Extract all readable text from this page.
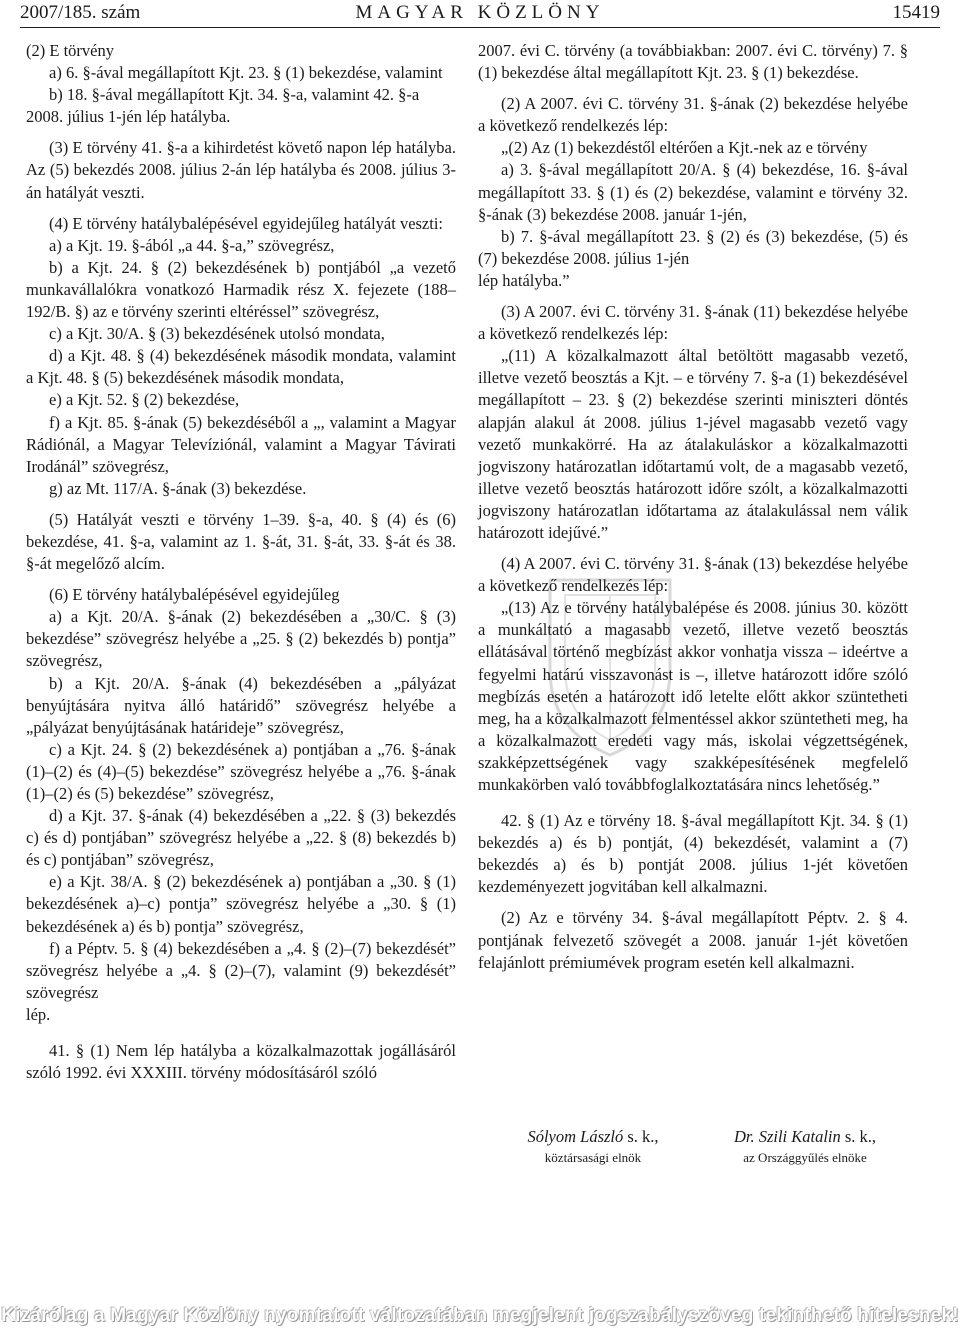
2007/185. szám	MAGYAR KÖZLÖNY	15419

(2) E törvény

a) 6. §-ával megállapított Kjt. 23. § (1) bekezdése, valamint

b) 18. §-ával megállapított Kjt. 34. §-a, valamint 42. §-a

2008. július 1-jén lép hatályba.

(3) E törvény 41. §-a a kihirdetést követő napon lép hatályba. Az (5) bekezdés 2008. július 2-án lép hatályba és 2008. július 3-án hatályát veszti.

(4) E törvény hatálybalépésével egyidejűleg hatályát veszti:

a) a Kjt. 19. §-ából „a 44. §-a,” szövegrész,

b) a Kjt. 24. § (2) bekezdésének b) pontjából „a vezető munkavállalókra vonatkozó Harmadik rész X. fejezete (188–192/B. §) az e törvény szerinti eltéréssel” szövegrész,

c) a Kjt. 30/A. § (3) bekezdésének utolsó mondata,

d) a Kjt. 48. § (4) bekezdésének második mondata, valamint a Kjt. 48. § (5) bekezdésének második mondata,

e) a Kjt. 52. § (2) bekezdése,

f) a Kjt. 85. §-ának (5) bekezdéséből a „, valamint a Magyar Rádiónál, a Magyar Televíziónál, valamint a Magyar Távirati Irodánál” szövegrész,

g) az Mt. 117/A. §-ának (3) bekezdése.

(5) Hatályát veszti e törvény 1–39. §-a, 40. § (4) és (6) bekezdése, 41. §-a, valamint az 1. §-át, 31. §-át, 33. §-át és 38. §-át megelőző alcím.

(6) E törvény hatálybalépésével egyidejűleg

a) a Kjt. 20/A. §-ának (2) bekezdésében a „30/C. § (3) bekezdése” szövegrész helyébe a „25. § (2) bekezdés b) pontja” szövegrész,

b) a Kjt. 20/A. §-ának (4) bekezdésében a „pályázat benyújtására nyitva álló határidő” szövegrész helyébe a „pályázat benyújtásának határideje” szövegrész,

c) a Kjt. 24. § (2) bekezdésének a) pontjában a „76. §-ának (1)–(2) és (4)–(5) bekezdése” szövegrész helyébe a „76. §-ának (1)–(2) és (5) bekezdése” szövegrész,

d) a Kjt. 37. §-ának (4) bekezdésében a „22. § (3) bekezdés c) és d) pontjában” szövegrész helyébe a „22. § (8) bekezdés b) és c) pontjában” szövegrész,

e) a Kjt. 38/A. § (2) bekezdésének a) pontjában a „30. § (1) bekezdésének a)–c) pontja” szövegrész helyébe a „30. § (1) bekezdésének a) és b) pontja” szövegrész,

f) a Péptv. 5. § (4) bekezdésében a „4. § (2)–(7) bekezdését” szövegrész helyébe a „4. § (2)–(7), valamint (9) bekezdését” szövegrész

lép.

41. § (1) Nem lép hatályba a közalkalmazottak jogállásáról szóló 1992. évi XXXIII. törvény módosításáról szóló

2007. évi C. törvény (a továbbiakban: 2007. évi C. törvény) 7. § (1) bekezdése által megállapított Kjt. 23. § (1) bekezdése.

(2) A 2007. évi C. törvény 31. §-ának (2) bekezdése helyébe a következő rendelkezés lép:

„(2) Az (1) bekezdéstől eltérően a Kjt.-nek az e törvény

a) 3. §-ával megállapított 20/A. § (4) bekezdése, 16. §-ával megállapított 33. § (1) és (2) bekezdése, valamint e törvény 32. §-ának (3) bekezdése 2008. január 1-jén,

b) 7. §-ával megállapított 23. § (2) és (3) bekezdése, (5) és (7) bekezdése 2008. július 1-jén

lép hatályba.”

(3) A 2007. évi C. törvény 31. §-ának (11) bekezdése helyébe a következő rendelkezés lép:

„(11) A közalkalmazott által betöltött magasabb vezető, illetve vezető beosztás a Kjt. – e törvény 7. §-a (1) bekezdésével megállapított – 23. § (2) bekezdése szerinti miniszteri döntés alapján alakul át 2008. július 1-jével magasabb vezető vagy vezető munkakörré. Ha az átalakuláskor a közalkalmazotti jogviszony határozatlan időtartamú volt, de a magasabb vezető, illetve vezető beosztás határozott időre szólt, a közalkalmazotti jogviszony határozatlan időtartama az átalakulással nem válik határozott idejűvé.”

(4) A 2007. évi C. törvény 31. §-ának (13) bekezdése helyébe a következő rendelkezés lép:

„(13) Az e törvény hatálybalépése és 2008. június 30. között a munkáltató a magasabb vezető, illetve vezető beosztás ellátásával történő megbízást akkor vonhatja vissza – ideértve a fegyelmi határú visszavonást is –, illetve határozott időre szóló megbízás esetén a határozott idő letelte előtt akkor szüntetheti meg, ha a közalkalmazott felmentéssel akkor szüntetheti meg, ha a közalkalmazott eredeti vagy más, iskolai végzettségének, szakképzettségének vagy szakképesítésének megfelelő munkakörben való továbbfoglalkoztatására nincs lehetőség.”

42. § (1) Az e törvény 18. §-ával megállapított Kjt. 34. § (1) bekezdés a) és b) pontját, (4) bekezdését, valamint a (7) bekezdés a) és b) pontját 2008. július 1-jét követően kezdeményezett jogvitában kell alkalmazni.

(2) Az e törvény 34. §-ával megállapított Péptv. 2. § 4. pontjának felvezető szövegét a 2008. január 1-jét követően felajánlott prémiumévek program esetén kell alkalmazni.

Sólyom László s. k.,
köztársasági elnök
Dr. Szili Katalin s. k.,
az Országgyűlés elnöke
Kizárólag a Magyar Közlöny nyomtatott változatában megjelent jogszabályszöveg tekinthető hitelesnek!
